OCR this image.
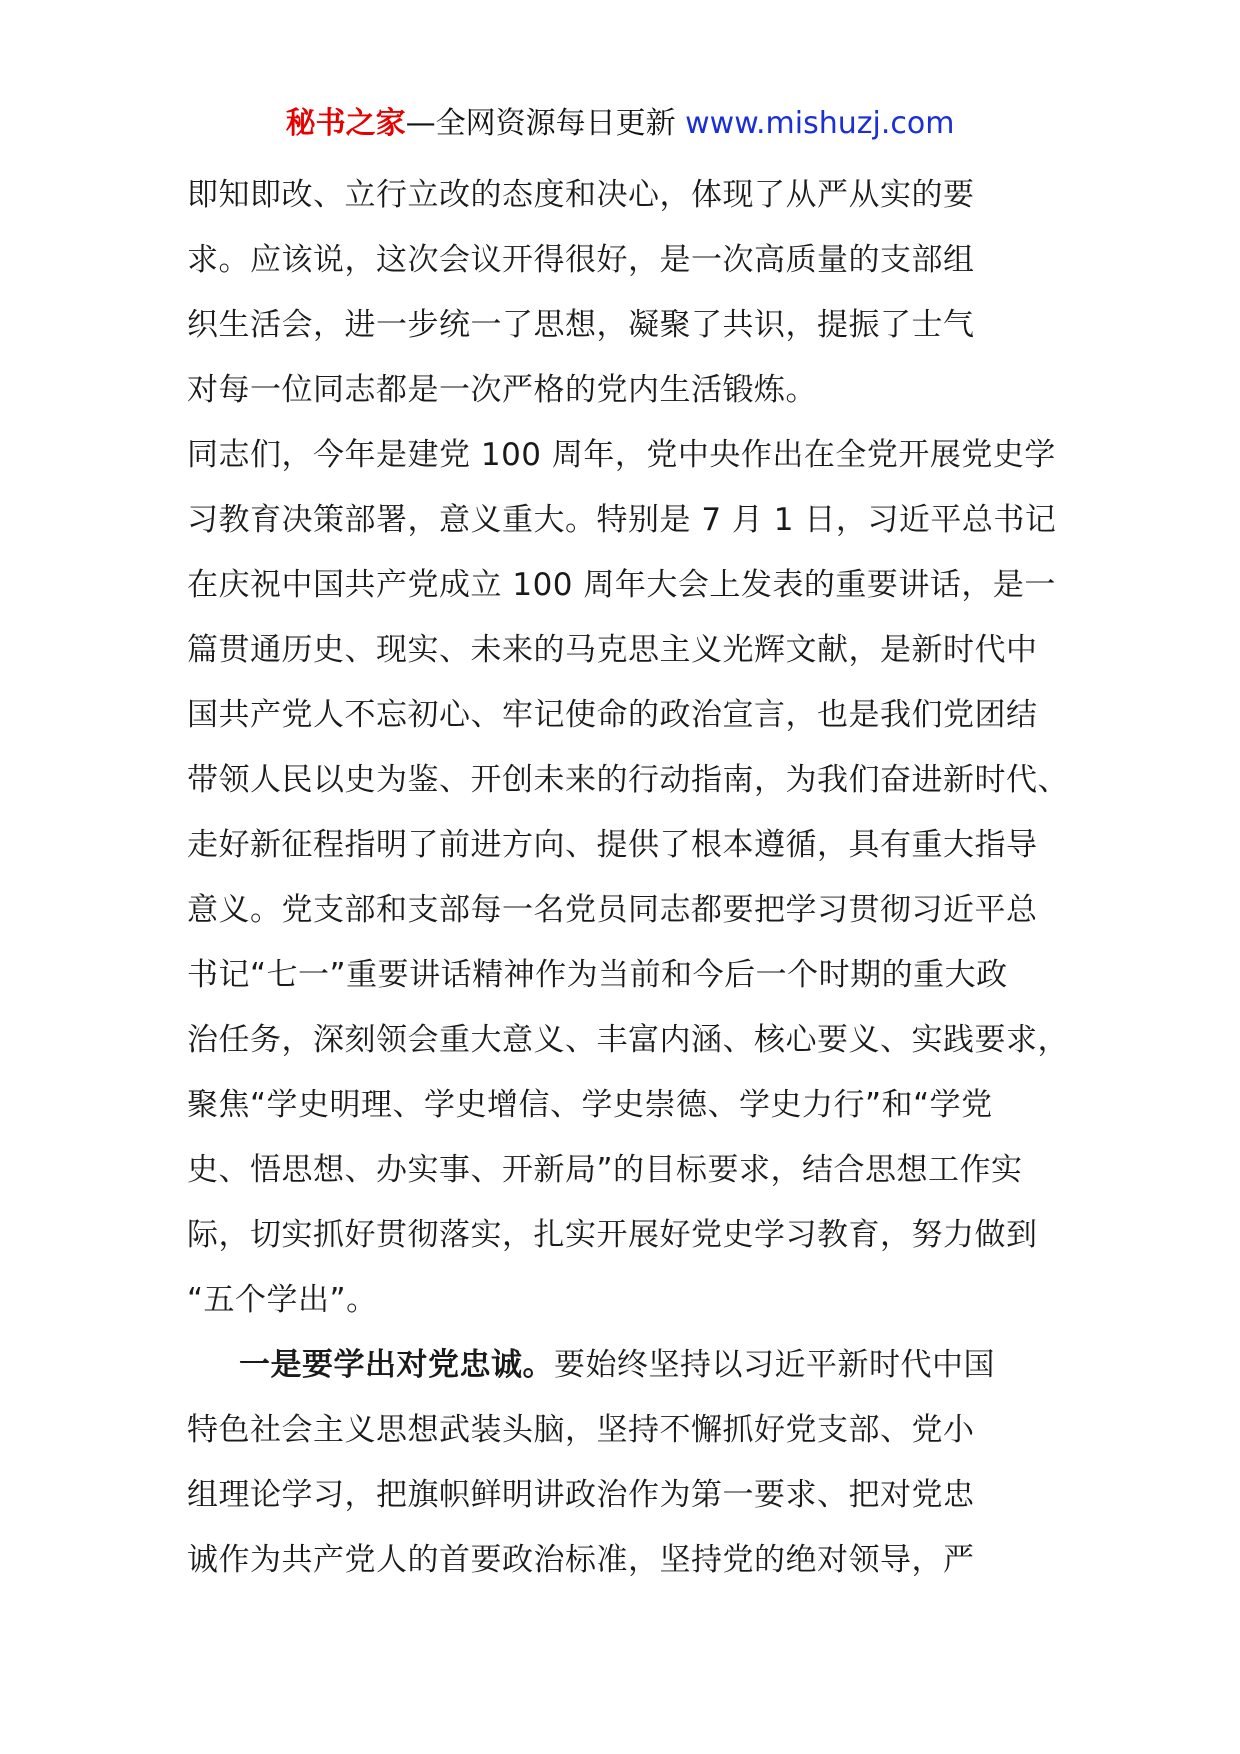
秘书之家—全网资源每日更新 www.mishuzj.com
即知即改、立行立改的态度和决心，体现了从严从实的要
求。应该说，这次会议开得很好，是一次高质量的支部组
织生活会，进一步统一了思想，凝聚了共识，提振了士气
对每一位同志都是一次严格的党内生活锻炼。
同志们，今年是建党 100 周年，党中央作出在全党开展党史学
习教育决策部署，意义重大。特别是 7 月 1 日，习近平总书记
在庆祝中国共产党成立 100 周年大会上发表的重要讲话，是一
篇贯通历史、现实、未来的马克思主义光辉文献，是新时代中
国共产党人不忘初心、牢记使命的政治宣言，也是我们党团结
带领人民以史为鉴、开创未来的行动指南，为我们奋进新时代、
走好新征程指明了前进方向、提供了根本遵循，具有重大指导
意义。党支部和支部每一名党员同志都要把学习贯彻习近平总
书记“七一”重要讲话精神作为当前和今后一个时期的重大政
治任务，深刻领会重大意义、丰富内涵、核心要义、实践要求，
聚焦“学史明理、学史增信、学史崇德、学史力行”和“学党
史、悟思想、办实事、开新局”的目标要求，结合思想工作实
际，切实抓好贯彻落实，扎实开展好党史学习教育，努力做到
“五个学出”。
一是要学出对党忠诚。要始终坚持以习近平新时代中国
特色社会主义思想武装头脑，坚持不懈抓好党支部、党小
组理论学习，把旗帜鲜明讲政治作为第一要求、把对党忠
诚作为共产党人的首要政治标准，坚持党的绝对领导，严
